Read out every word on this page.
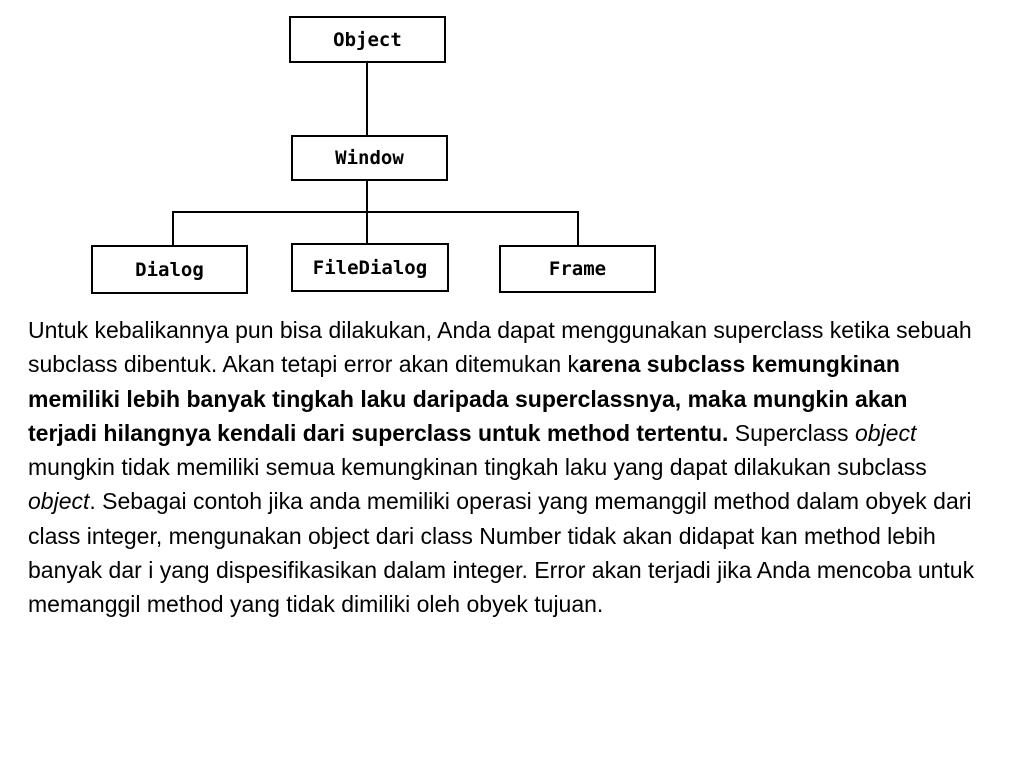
Object
Window
Dialog	FileDialog	Frame

Untuk kebalikannya pun bisa dilakukan, Anda dapat menggunakan superclass ketika sebuah subclass dibentuk. Akan tetapi error akan ditemukan karena subclass kemungkinan memiliki lebih banyak tingkah laku daripada superclassnya, maka mungkin akan terjadi hilangnya kendali dari superclass untuk method tertentu. Superclass object mungkin tidak memiliki semua kemungkinan tingkah laku yang dapat dilakukan subclass object. Sebagai contoh jika anda memiliki operasi yang memanggil method dalam obyek dari class integer, mengunakan object dari class Number tidak akan didapat kan method lebih banyak dar i yang dispesifikasikan dalam integer. Error akan terjadi jika Anda mencoba untuk memanggil method yang tidak dimiliki oleh obyek tujuan.
